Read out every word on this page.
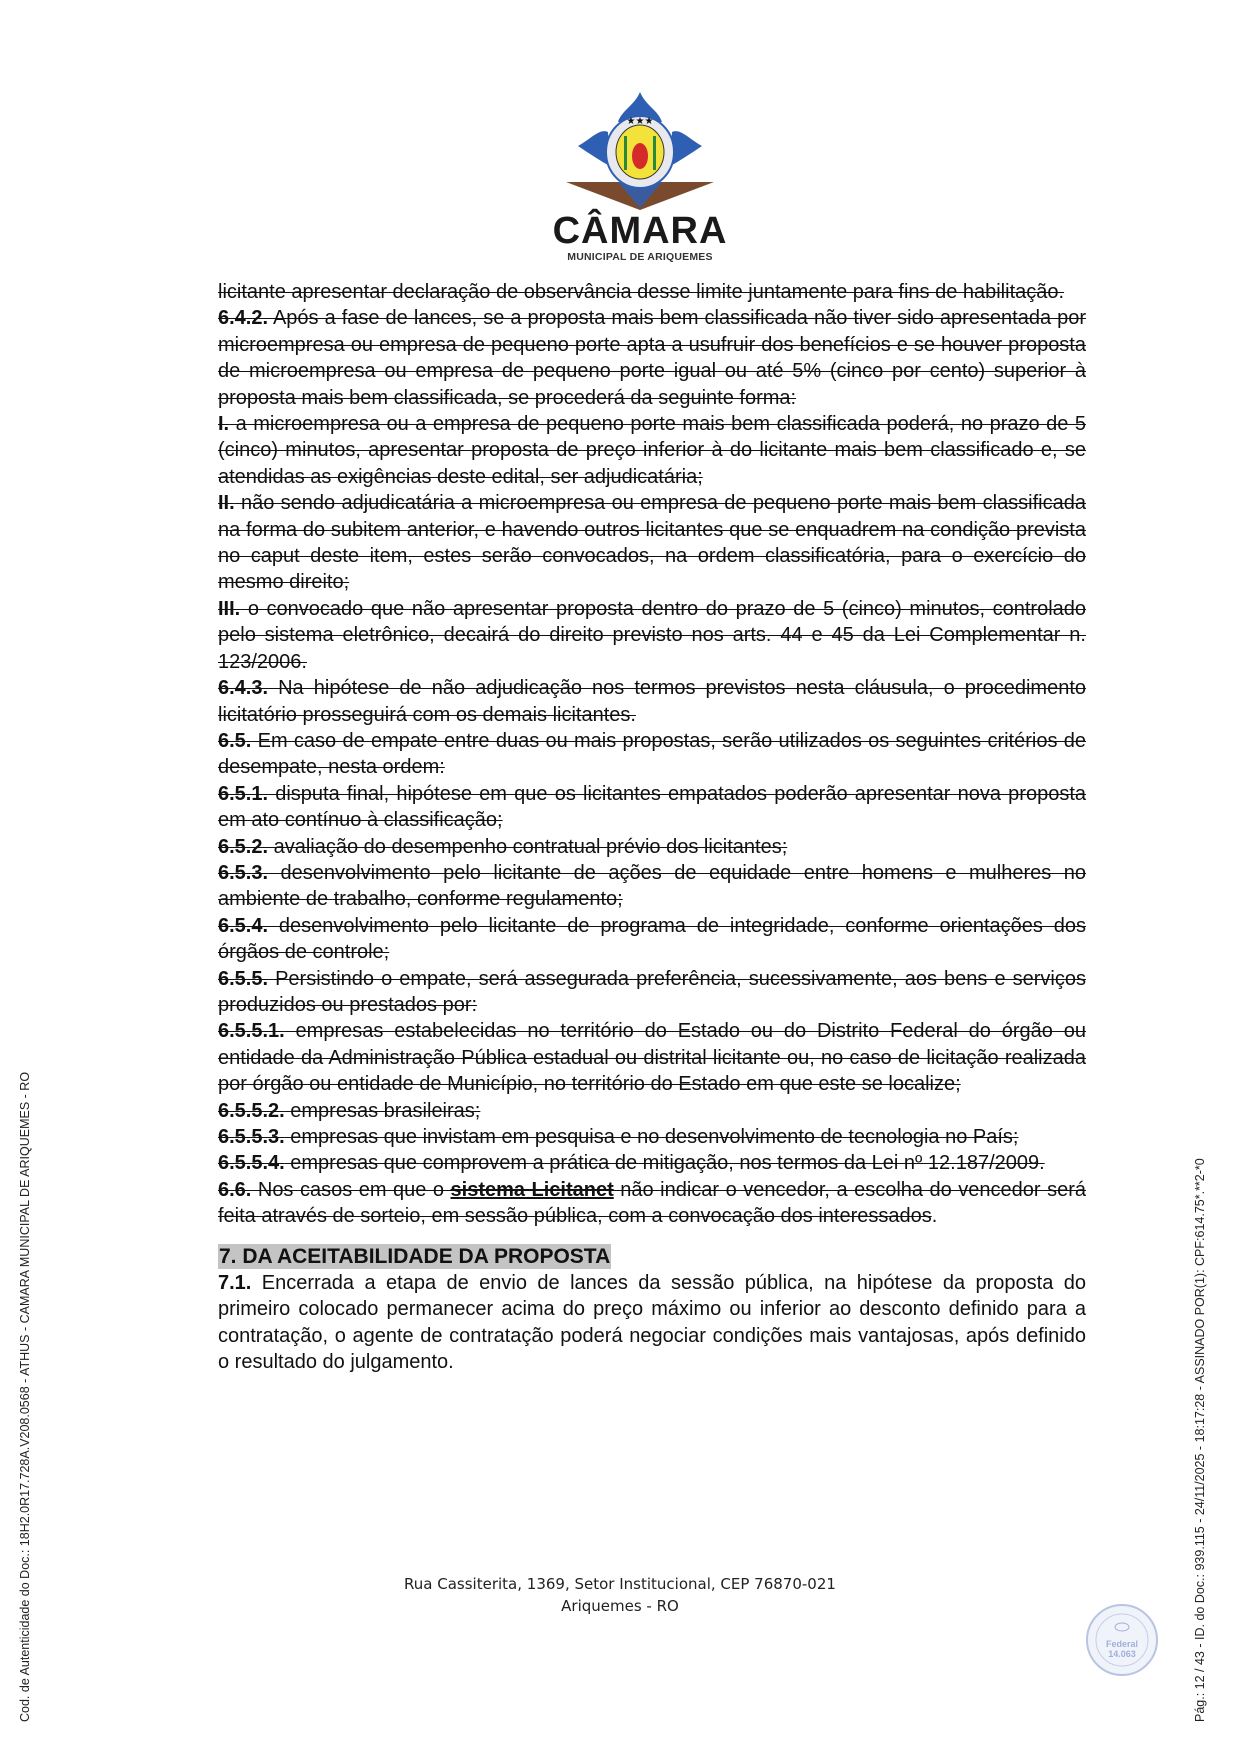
★★★
CÂMARA
MUNICIPAL DE ARIQUEMES

licitante apresentar declaração de observância desse limite juntamente para fins de habilitação.

6.4.2. Após a fase de lances, se a proposta mais bem classificada não tiver sido apresentada por microempresa ou empresa de pequeno porte apta a usufruir dos benefícios e se houver proposta de microempresa ou empresa de pequeno porte igual ou até 5% (cinco por cento) superior à proposta mais bem classificada, se procederá da seguinte forma:

I. a microempresa ou a empresa de pequeno porte mais bem classificada poderá, no prazo de 5 (cinco) minutos, apresentar proposta de preço inferior à do licitante mais bem classificado e, se atendidas as exigências deste edital, ser adjudicatária;

II. não sendo adjudicatária a microempresa ou empresa de pequeno porte mais bem classificada na forma do subitem anterior, e havendo outros licitantes que se enquadrem na condição prevista no caput deste item, estes serão convocados, na ordem classificatória, para o exercício do mesmo direito;

III. o convocado que não apresentar proposta dentro do prazo de 5 (cinco) minutos, controlado pelo sistema eletrônico, decairá do direito previsto nos arts. 44 e 45 da Lei Complementar n. 123/2006.

6.4.3. Na hipótese de não adjudicação nos termos previstos nesta cláusula, o procedimento licitatório prosseguirá com os demais licitantes.

6.5. Em caso de empate entre duas ou mais propostas, serão utilizados os seguintes critérios de desempate, nesta ordem:

6.5.1. disputa final, hipótese em que os licitantes empatados poderão apresentar nova proposta em ato contínuo à classificação;

6.5.2. avaliação do desempenho contratual prévio dos licitantes;

6.5.3. desenvolvimento pelo licitante de ações de equidade entre homens e mulheres no ambiente de trabalho, conforme regulamento;

6.5.4. desenvolvimento pelo licitante de programa de integridade, conforme orientações dos órgãos de controle;

6.5.5. Persistindo o empate, será assegurada preferência, sucessivamente, aos bens e serviços produzidos ou prestados por:

6.5.5.1. empresas estabelecidas no território do Estado ou do Distrito Federal do órgão ou entidade da Administração Pública estadual ou distrital licitante ou, no caso de licitação realizada por órgão ou entidade de Município, no território do Estado em que este se localize;

6.5.5.2. empresas brasileiras;

6.5.5.3. empresas que invistam em pesquisa e no desenvolvimento de tecnologia no País;

6.5.5.4. empresas que comprovem a prática de mitigação, nos termos da Lei nº 12.187/2009.

6.6. Nos casos em que o sistema Licitanet não indicar o vencedor, a escolha do vencedor será feita através de sorteio, em sessão pública, com a convocação dos interessados.

7. DA ACEITABILIDADE DA PROPOSTA

7.1. Encerrada a etapa de envio de lances da sessão pública, na hipótese da proposta do primeiro colocado permanecer acima do preço máximo ou inferior ao desconto definido para a contratação, o agente de contratação poderá negociar condições mais vantajosas, após definido o resultado do julgamento.

Rua Cassiterita, 1369, Setor Institucional, CEP 76870-021
Ariquemes - RO
Cod. de Autenticidade do Doc.: 18H2.0R17.728A.V208.0568 - ATHUS - CAMARA MUNICIPAL DE ARIQUEMES - RO	Pág.: 12 / 43 - ID. do Doc.: 939.115 - 24/11/2025 - 18:17:28 - ASSINADO POR(1): CPF:614.75*.**2-*0
Federal
14.063
